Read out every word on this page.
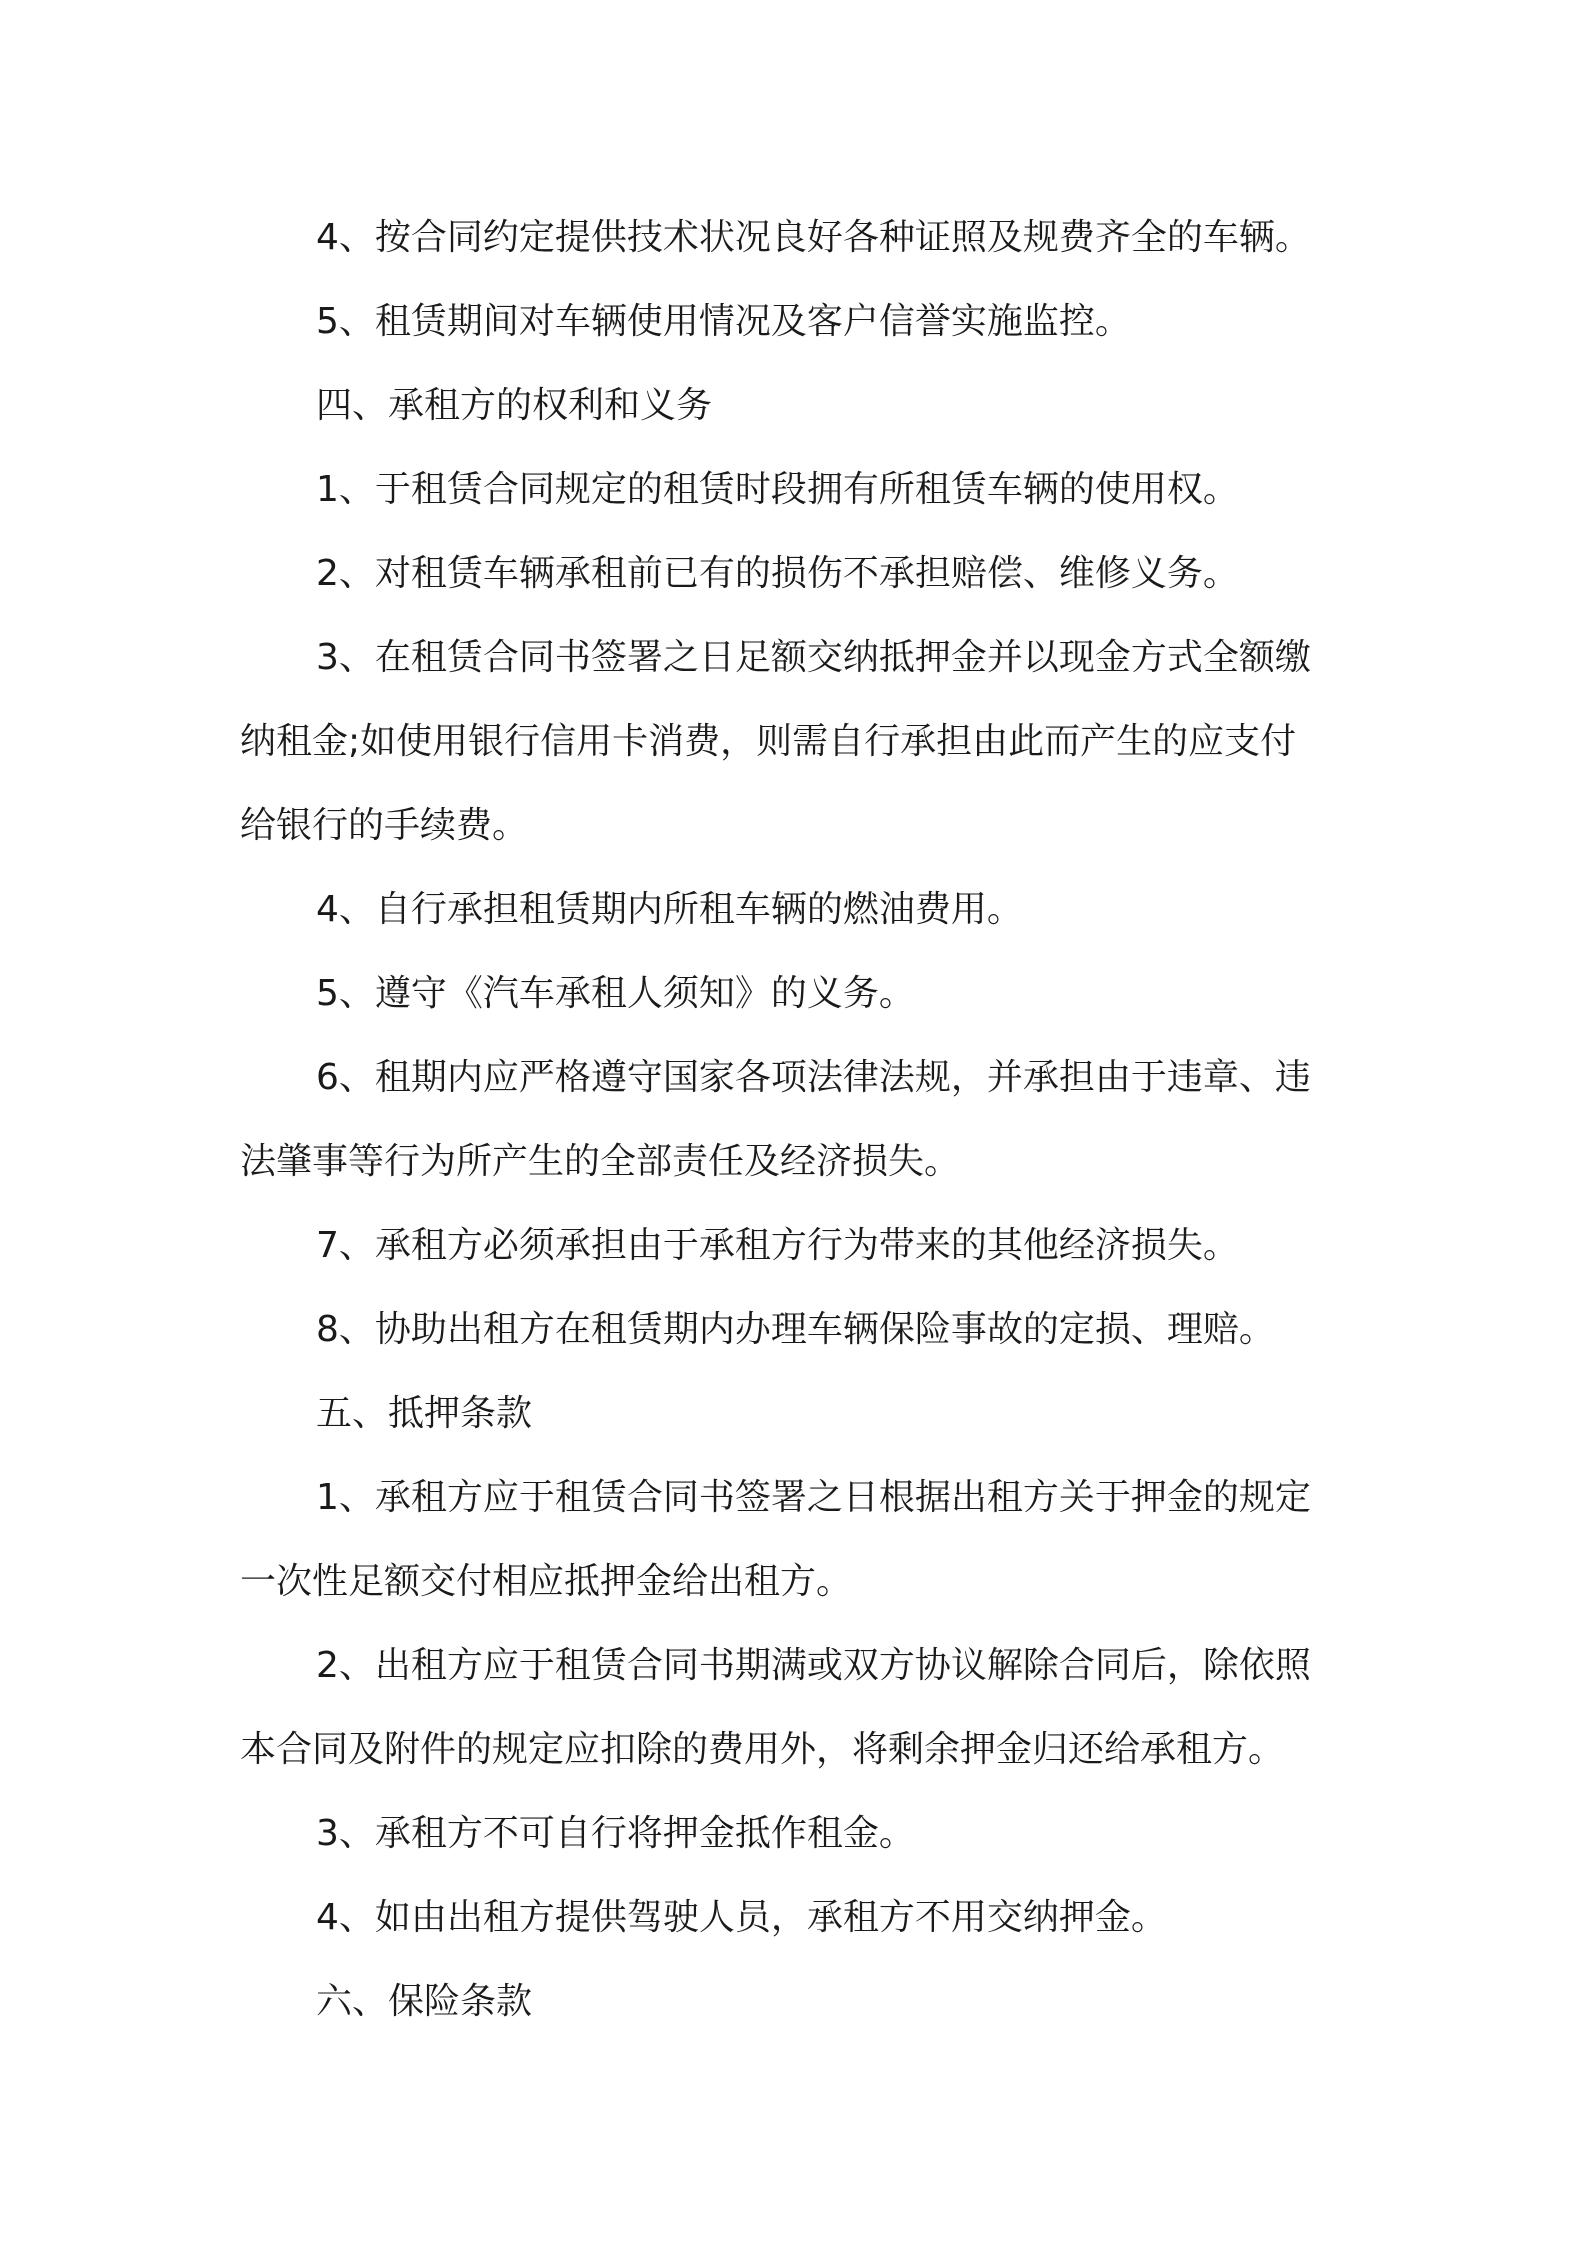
4、按合同约定提供技术状况良好各种证照及规费齐全的车辆。

5、租赁期间对车辆使用情况及客户信誉实施监控。

四、承租方的权利和义务

1、于租赁合同规定的租赁时段拥有所租赁车辆的使用权。

2、对租赁车辆承租前已有的损伤不承担赔偿、维修义务。

3、在租赁合同书签署之日足额交纳抵押金并以现金方式全额缴
纳租金;如使用银行信用卡消费，则需自行承担由此而产生的应支付
给银行的手续费。

4、自行承担租赁期内所租车辆的燃油费用。

5、遵守《汽车承租人须知》的义务。

6、租期内应严格遵守国家各项法律法规，并承担由于违章、违
法肇事等行为所产生的全部责任及经济损失。

7、承租方必须承担由于承租方行为带来的其他经济损失。

8、协助出租方在租赁期内办理车辆保险事故的定损、理赔。

五、抵押条款

1、承租方应于租赁合同书签署之日根据出租方关于押金的规定
一次性足额交付相应抵押金给出租方。

2、出租方应于租赁合同书期满或双方协议解除合同后，除依照
本合同及附件的规定应扣除的费用外，将剩余押金归还给承租方。

3、承租方不可自行将押金抵作租金。

4、如由出租方提供驾驶人员，承租方不用交纳押金。

六、保险条款
